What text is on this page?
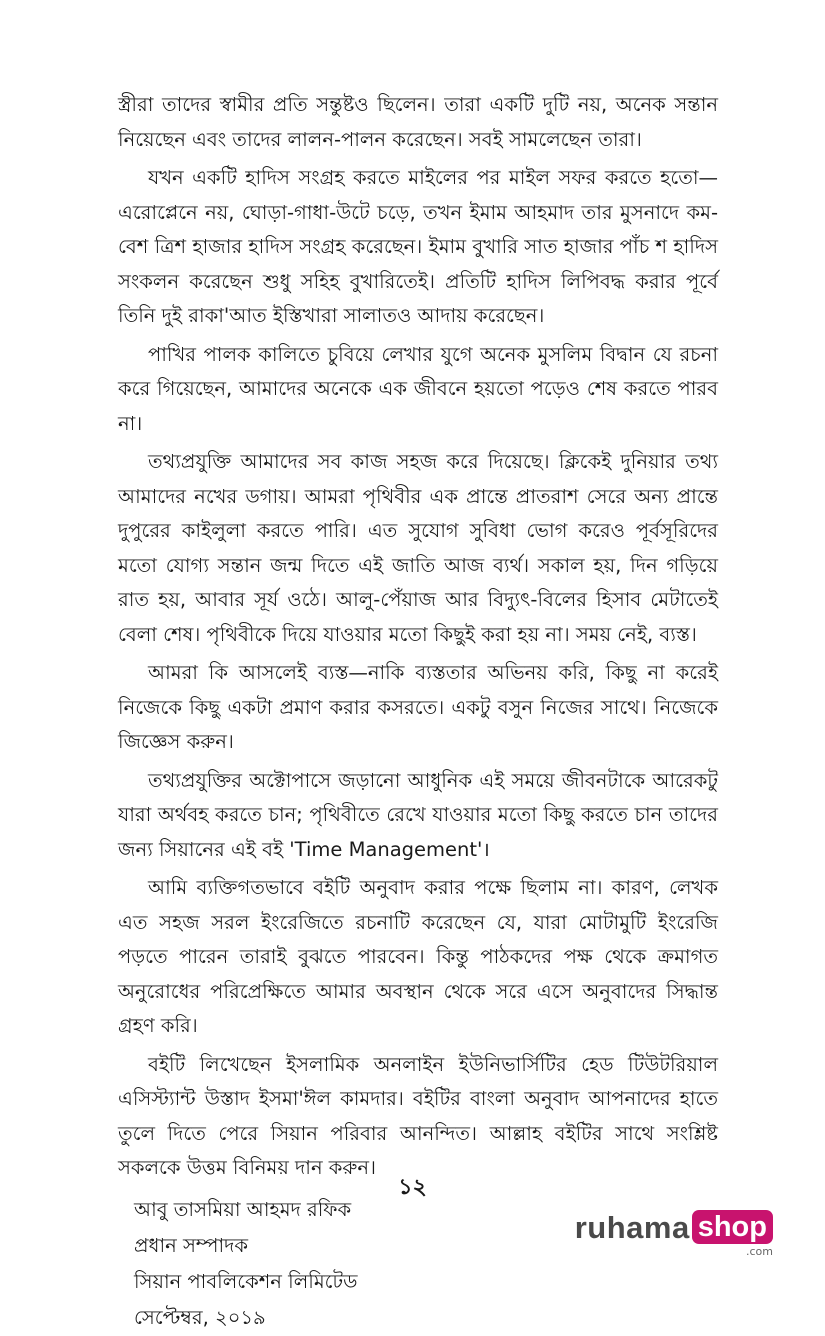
স্ত্রীরা তাদের স্বামীর প্রতি সন্তুষ্টও ছিলেন। তারা একটি দুটি নয়, অনেক সন্তান নিয়েছেন এবং তাদের লালন-পালন করেছেন। সবই সামলেছেন তারা।

যখন একটি হাদিস সংগ্রহ করতে মাইলের পর মাইল সফর করতে হতো—এরোপ্লেনে নয়, ঘোড়া-গাধা-উটে চড়ে, তখন ইমাম আহমাদ তার মুসনাদে কম-বেশ ত্রিশ হাজার হাদিস সংগ্রহ করেছেন। ইমাম বুখারি সাত হাজার পাঁচ শ হাদিস সংকলন করেছেন শুধু সহিহ বুখারিতেই। প্রতিটি হাদিস লিপিবদ্ধ করার পূর্বে তিনি দুই রাকা'আত ইস্তিখারা সালাতও আদায় করেছেন।

পাখির পালক কালিতে চুবিয়ে লেখার যুগে অনেক মুসলিম বিদ্বান যে রচনা করে গিয়েছেন, আমাদের অনেকে এক জীবনে হয়তো পড়েও শেষ করতে পারব না।

তথ্যপ্রযুক্তি আমাদের সব কাজ সহজ করে দিয়েছে। ক্লিকেই দুনিয়ার তথ্য আমাদের নখের ডগায়। আমরা পৃথিবীর এক প্রান্তে প্রাতরাশ সেরে অন্য প্রান্তে দুপুরের কাইলুলা করতে পারি। এত সুযোগ সুবিধা ভোগ করেও পূর্বসূরিদের মতো যোগ্য সন্তান জন্ম দিতে এই জাতি আজ ব্যর্থ। সকাল হয়, দিন গড়িয়ে রাত হয়, আবার সূর্য ওঠে। আলু-পেঁয়াজ আর বিদ্যুৎ-বিলের হিসাব মেটাতেই বেলা শেষ। পৃথিবীকে দিয়ে যাওয়ার মতো কিছুই করা হয় না। সময় নেই, ব্যস্ত।

আমরা কি আসলেই ব্যস্ত—নাকি ব্যস্ততার অভিনয় করি, কিছু না করেই নিজেকে কিছু একটা প্রমাণ করার কসরতে। একটু বসুন নিজের সাথে। নিজেকে জিজ্ঞেস করুন।

তথ্যপ্রযুক্তির অক্টোপাসে জড়ানো আধুনিক এই সময়ে জীবনটাকে আরেকটু যারা অর্থবহ করতে চান; পৃথিবীতে রেখে যাওয়ার মতো কিছু করতে চান তাদের জন্য সিয়ানের এই বই 'Time Management'।

আমি ব্যক্তিগতভাবে বইটি অনুবাদ করার পক্ষে ছিলাম না। কারণ, লেখক এত সহজ সরল ইংরেজিতে রচনাটি করেছেন যে, যারা মোটামুটি ইংরেজি পড়তে পারেন তারাই বুঝতে পারবেন। কিন্তু পাঠকদের পক্ষ থেকে ক্রমাগত অনুরোধের পরিপ্রেক্ষিতে আমার অবস্থান থেকে সরে এসে অনুবাদের সিদ্ধান্ত গ্রহণ করি।

বইটি লিখেছেন ইসলামিক অনলাইন ইউনিভার্সিটির হেড টিউটরিয়াল এসিস্ট্যান্ট উস্তাদ ইসমা'ঈল কামদার। বইটির বাংলা অনুবাদ আপনাদের হাতে তুলে দিতে পেরে সিয়ান পরিবার আনন্দিত। আল্লাহ বইটির সাথে সংশ্লিষ্ট সকলকে উত্তম বিনিময় দান করুন।

আবু তাসমিয়া আহমদ রফিক

প্রধান সম্পাদক

সিয়ান পাবলিকেশন লিমিটেড

সেপ্টেম্বর, ২০১৯

১২
ruhama shop
.com
